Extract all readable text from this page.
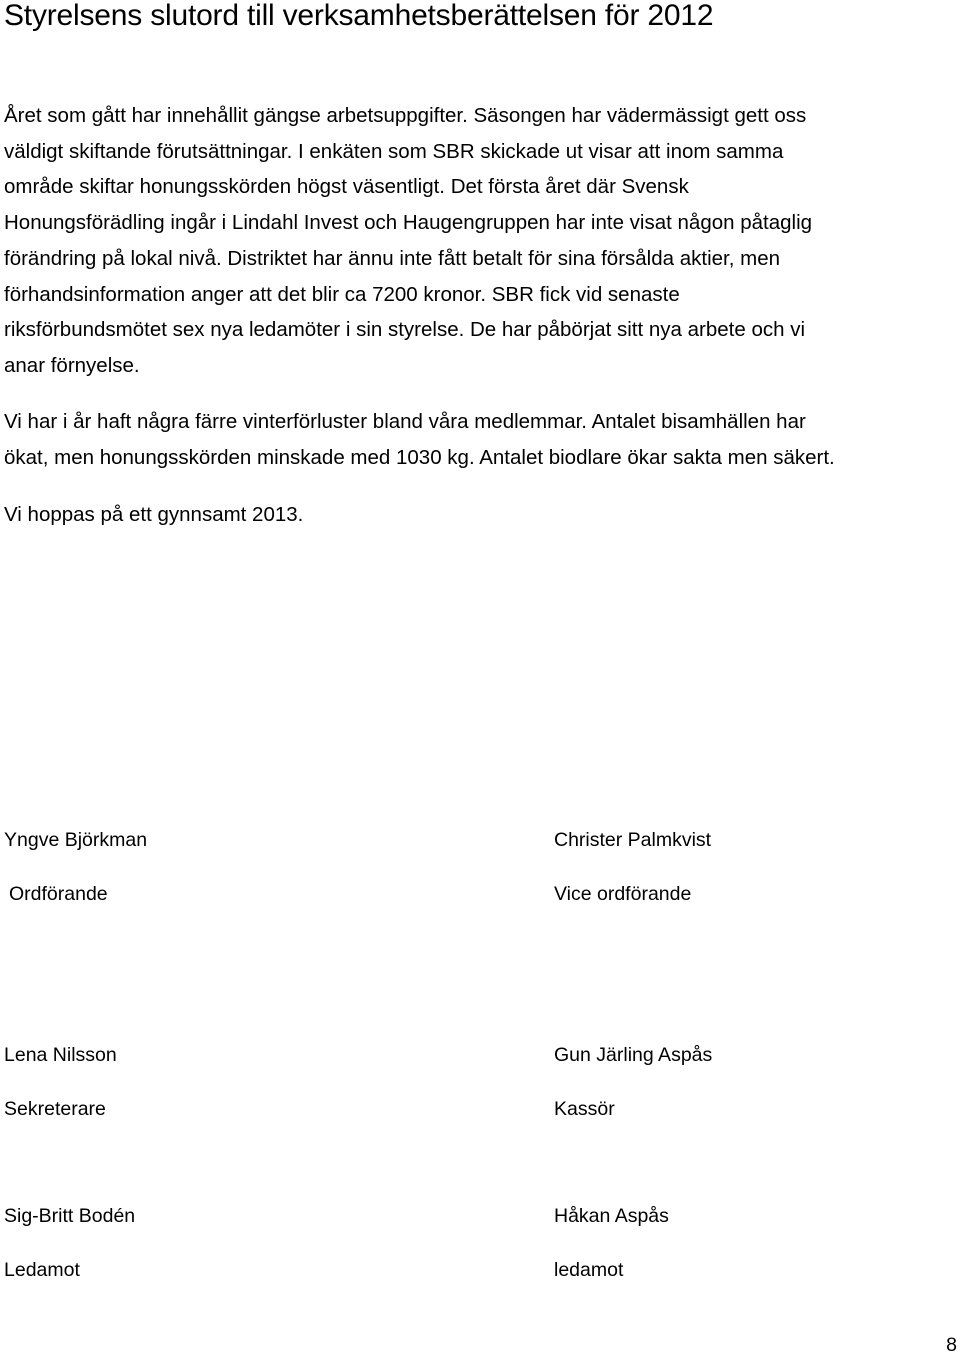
Styrelsens slutord till verksamhetsberättelsen för 2012

Året som gått har innehållit gängse arbetsuppgifter. Säsongen har vädermässigt gett oss
väldigt skiftande förutsättningar. I enkäten som SBR skickade ut visar att inom samma
område skiftar honungsskörden högst väsentligt. Det första året där Svensk
Honungsförädling ingår i Lindahl Invest och Haugengruppen har inte visat någon påtaglig
förändring på lokal nivå. Distriktet har ännu inte fått betalt för sina försålda aktier, men
förhandsinformation anger att det blir ca 7200 kronor. SBR fick vid senaste
riksförbundsmötet sex nya ledamöter i sin styrelse. De har påbörjat sitt nya arbete och vi
anar förnyelse.

Vi har i år haft några färre vinterförluster bland våra medlemmar. Antalet bisamhällen har
ökat, men honungsskörden minskade med 1030 kg. Antalet biodlare ökar sakta men säkert.

Vi hoppas på ett gynnsamt 2013.

Yngve Björkman

Ordförande

Christer Palmkvist

Vice ordförande

Lena Nilsson

Sekreterare

Gun Järling Aspås

Kassör

Sig-Britt Bodén

Ledamot

Håkan Aspås

ledamot

8
